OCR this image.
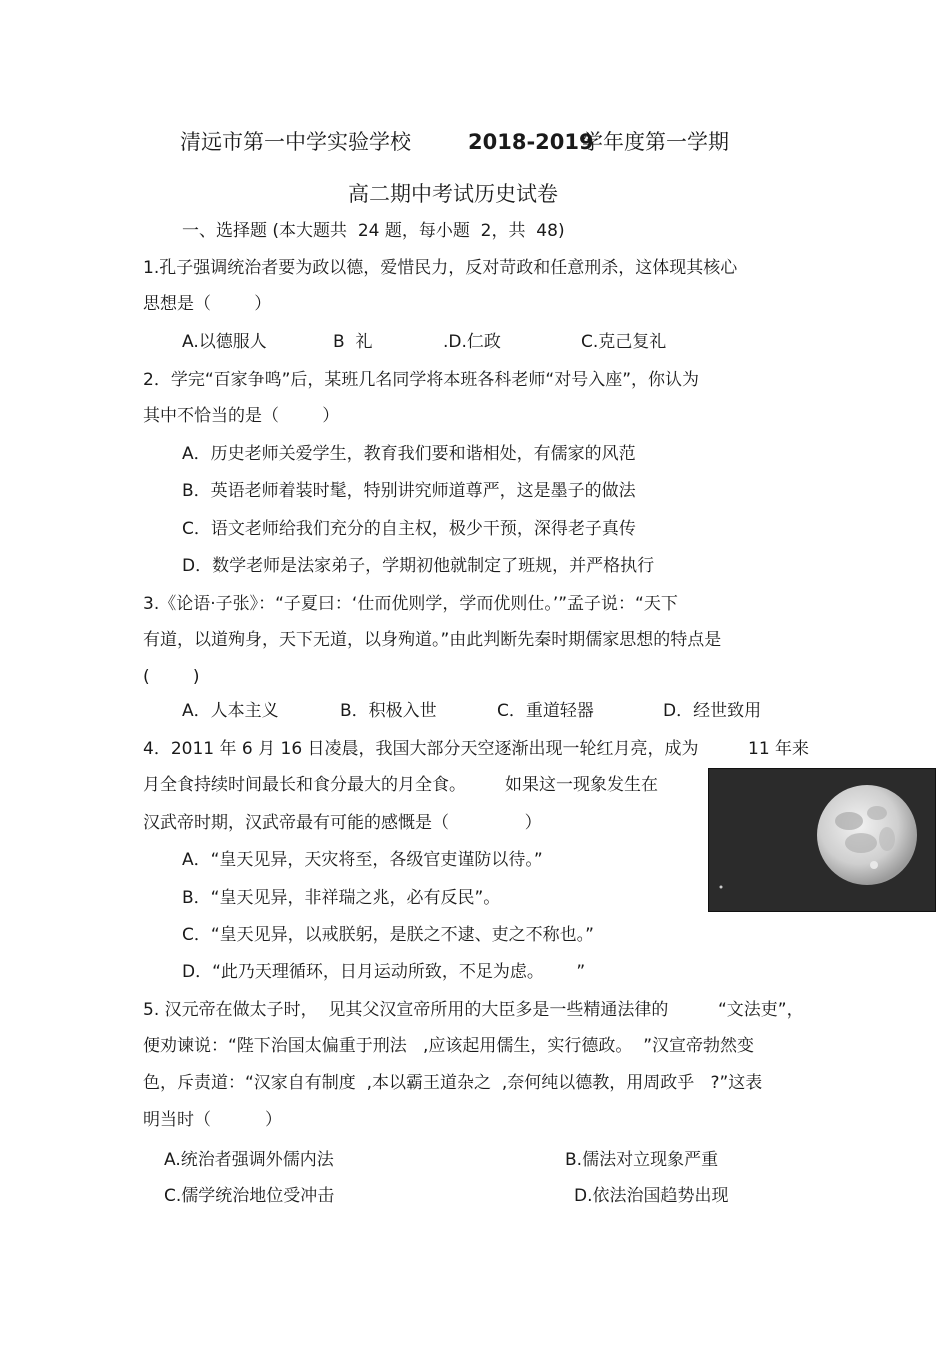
清远市第一中学实验学校	2018-2019
学年度第一学期
高二期中考试历史试卷
一、选择题 (本大题共  24 题，每小题  2，共  48)
1.孔子强调统治者要为政以德，爱惜民力，反对苛政和任意刑杀，这体现其核心
思想是（        ）
A.以德服人	B  礼	.D.仁政	C.克己复礼
2．学完“百家争鸣”后，某班几名同学将本班各科老师“对号入座”，你认为
其中不恰当的是（        ）
A．历史老师关爱学生，教育我们要和谐相处，有儒家的风范
B．英语老师着装时髦，特别讲究师道尊严，这是墨子的做法
C．语文老师给我们充分的自主权，极少干预，深得老子真传
D．数学老师是法家弟子，学期初他就制定了班规，并严格执行
3.《论语·子张》：“子夏曰：‘仕而优则学，学而优则仕。’”孟子说：“天下
有道，以道殉身，天下无道，以身殉道。”由此判断先秦时期儒家思想的特点是
(        )
A．人本主义	B．积极入世	C．重道轻器	D．经世致用
4．2011 年 6 月 16 日凌晨，我国大部分天空逐渐出现一轮红月亮，成为	11 年来
月全食持续时间最长和食分最大的月全食。 如果这一现象发生在
汉武帝时期，汉武帝最有可能的感慨是（              ）
A．“皇天见异，天灾将至，各级官吏谨防以待。”
B．“皇天见异，非祥瑞之兆，必有反民”。
C．“皇天见异，以戒朕躬，是朕之不逮、吏之不称也。”
D．“此乃天理循环，日月运动所致，不足为虑。      ”
5. 汉元帝在做太子时，  见其父汉宣帝所用的大臣多是一些精通法律的	“文法吏”，
便劝谏说：“陛下治国太偏重于刑法   ,应该起用儒生，实行德政。  ”汉宣帝勃然变
色，斥责道：“汉家自有制度  ,本以霸王道杂之  ,奈何纯以德教，用周政乎   ?”这表
明当时（          ）
A.统治者强调外儒内法	B.儒法对立现象严重
C.儒学统治地位受冲击	D.依法治国趋势出现
